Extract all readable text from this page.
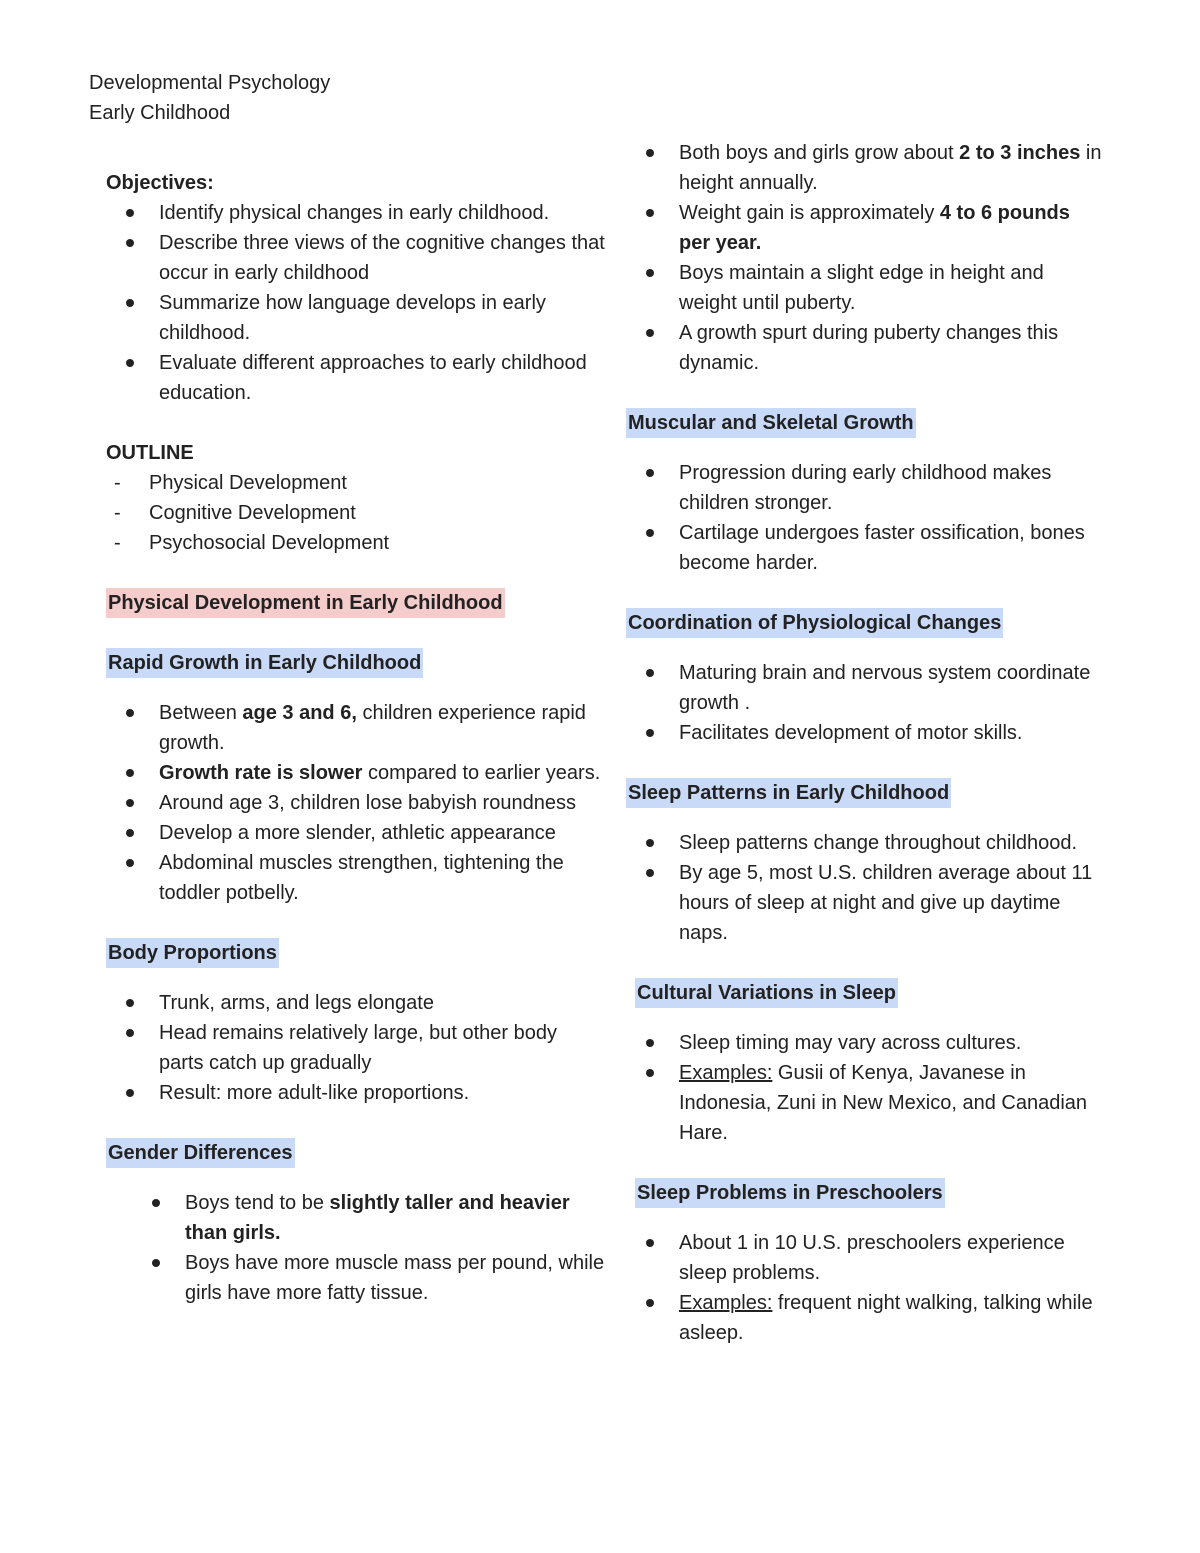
Developmental Psychology
Early Childhood
Objectives:
Identify physical changes in early childhood.
Describe three views of the cognitive changes that occur in early childhood
Summarize how language develops in early childhood.
Evaluate different approaches to early childhood education.
OUTLINE
- Physical Development
- Cognitive Development
- Psychosocial Development
Physical Development in Early Childhood
Rapid Growth in Early Childhood
Between age 3 and 6, children experience rapid growth.
Growth rate is slower compared to earlier years.
Around age 3, children lose babyish roundness
Develop a more slender, athletic appearance
Abdominal muscles strengthen, tightening the toddler potbelly.
Body Proportions
Trunk, arms, and legs elongate
Head remains relatively large, but other body parts catch up gradually
Result: more adult-like proportions.
Gender Differences
Boys tend to be slightly taller and heavier than girls.
Boys have more muscle mass per pound, while girls have more fatty tissue.
Both boys and girls grow about 2 to 3 inches in height annually.
Weight gain is approximately 4 to 6 pounds per year.
Boys maintain a slight edge in height and weight until puberty.
A growth spurt during puberty changes this dynamic.
Muscular and Skeletal Growth
Progression during early childhood makes children stronger.
Cartilage undergoes faster ossification, bones become harder.
Coordination of Physiological Changes
Maturing brain and nervous system coordinate growth .
Facilitates development of motor skills.
Sleep Patterns in Early Childhood
Sleep patterns change throughout childhood.
By age 5, most U.S. children average about 11 hours of sleep at night and give up daytime naps.
Cultural Variations in Sleep
Sleep timing may vary across cultures.
Examples: Gusii of Kenya, Javanese in Indonesia, Zuni in New Mexico, and Canadian Hare.
Sleep Problems in Preschoolers
About 1 in 10 U.S. preschoolers experience sleep problems.
Examples: frequent night walking, talking while asleep.
